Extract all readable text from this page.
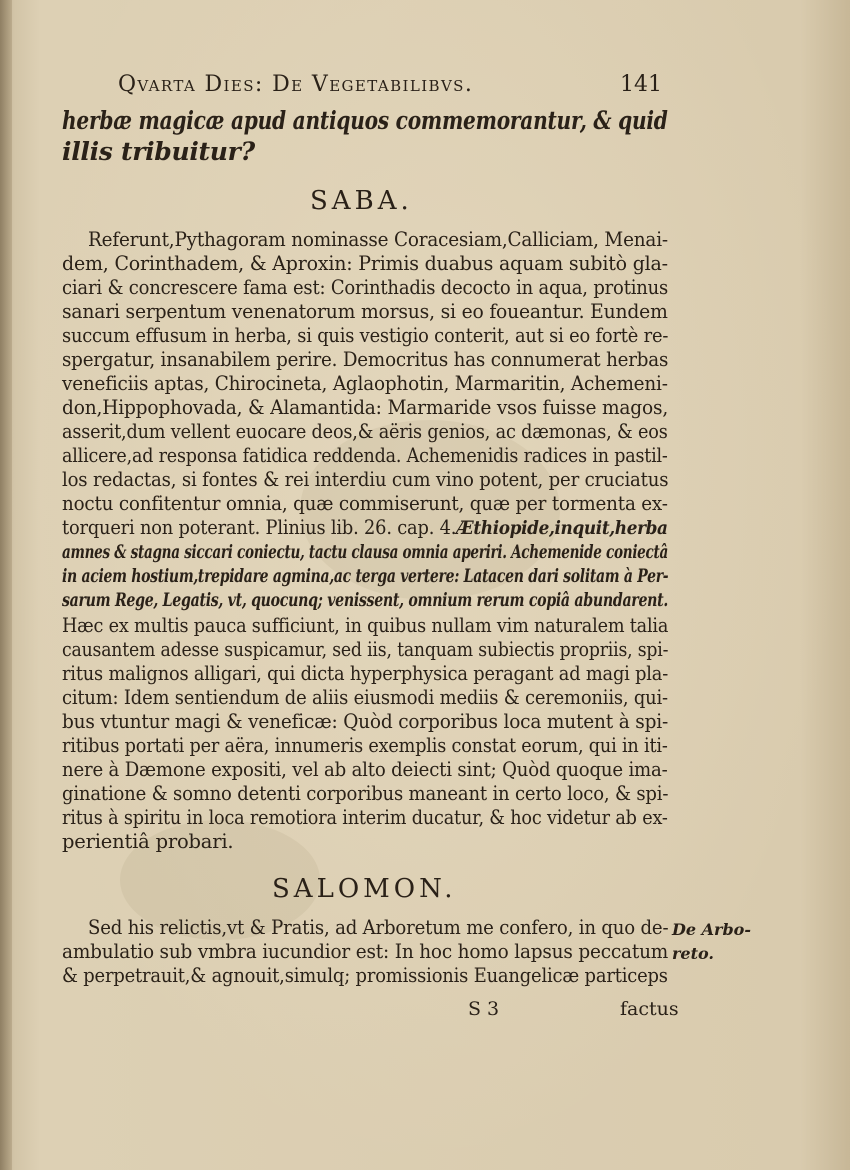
Qvarta Dies: De Vegetabilibvs.	141
herbæ magicæ apud antiquos commemorantur, & quid
illis tribuitur?
SABA.
Referunt,Pythagoram nominasse Coracesiam,Calliciam, Menai-
dem, Corinthadem, & Aproxin: Primis duabus aquam subitò gla-
ciari & concrescere fama est: Corinthadis decocto in aqua, protinus
sanari serpentum venenatorum morsus, si eo foueantur. Eundem
succum effusum in herba, si quis vestigio conterit, aut si eo fortè re-
spergatur, insanabilem perire. Democritus has connumerat herbas
veneficiis aptas, Chirocineta, Aglaophotin, Marmaritin, Achemeni-
don,Hippophovada, & Alamantida: Marmaride vsos fuisse magos,
asserit,dum vellent euocare deos,& aëris genios, ac dæmonas, & eos
allicere,ad responsa fatidica reddenda. Achemenidis radices in pastil-
los redactas, si fontes & rei interdiu cum vino potent, per cruciatus
noctu confitentur omnia, quæ commiserunt, quæ per tormenta ex-
torqueri non poterant. Plinius lib. 26. cap. 4.Æthiopide,inquit,herba
amnes & stagna siccari coniectu, tactu clausa omnia aperiri. Achemenide coniectâ
in aciem hostium,trepidare agmina,ac terga vertere: Latacen dari solitam à Per-
sarum Rege, Legatis, vt, quocunq; venissent, omnium rerum copiâ abundarent.
Hæc ex multis pauca sufficiunt, in quibus nullam vim naturalem talia
causantem adesse suspicamur, sed iis, tanquam subiectis propriis, spi-
ritus malignos alligari, qui dicta hyperphysica peragant ad magi pla-
citum: Idem sentiendum de aliis eiusmodi mediis & ceremoniis, qui-
bus vtuntur magi & veneficæ: Quòd corporibus loca mutent à spi-
ritibus portati per aëra, innumeris exemplis constat eorum, qui in iti-
nere à Dæmone expositi, vel ab alto deiecti sint; Quòd quoque ima-
ginatione & somno detenti corporibus maneant in certo loco, & spi-
ritus à spiritu in loca remotiora interim ducatur, & hoc videtur ab ex-
perientiâ probari.
SALOMON.
Sed his relictis,vt & Pratis, ad Arboretum me confero, in quo de-
ambulatio sub vmbra iucundior est: In hoc homo lapsus peccatum
& perpetrauit,& agnouit,simulq; promissionis Euangelicæ particeps
De Arbo-
reto.
S 3	factus
